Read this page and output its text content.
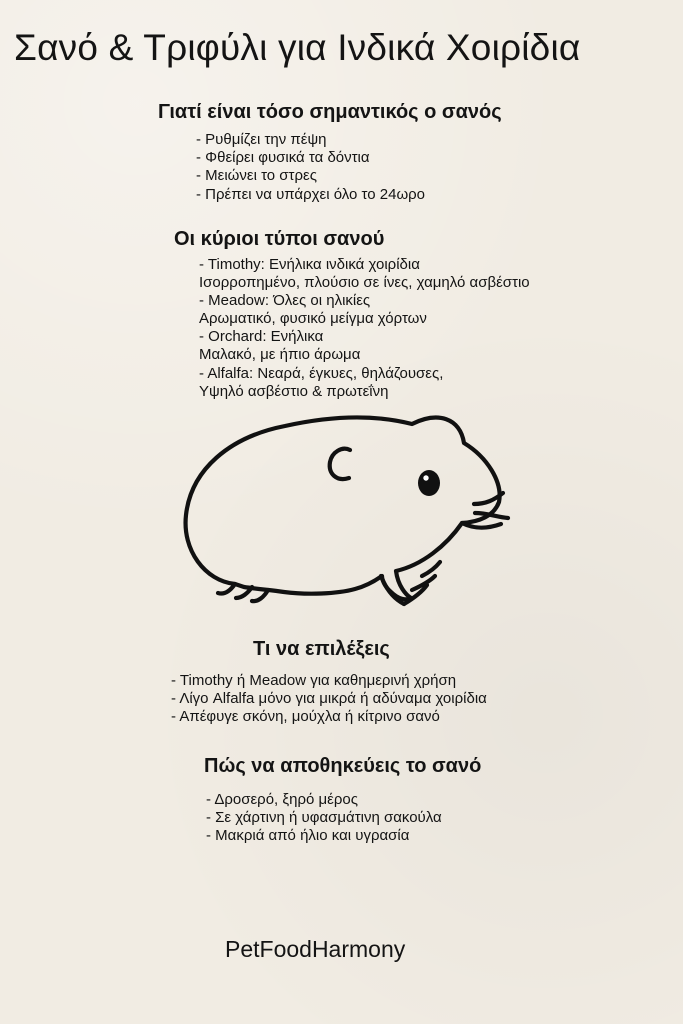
Σανό & Τριφύλι για Ινδικά Χοιρίδια
Γιατί είναι τόσο σημαντικός ο σανός
- Ρυθμίζει την πέψη
- Φθείρει φυσικά τα δόντια
- Μειώνει το στρες
- Πρέπει να υπάρχει όλο το 24ωρο
Οι κύριοι τύποι σανού
- Timothy: Ενήλικα ινδικά χοιρίδια
Ισορροπημένο, πλούσιο σε ίνες, χαμηλό ασβέστιο
- Meadow: Όλες οι ηλικίες
Αρωματικό, φυσικό μείγμα χόρτων
- Orchard: Ενήλικα
Μαλακό, με ήπιο άρωμα
- Alfalfa: Νεαρά, έγκυες, θηλάζουσες,
Υψηλό ασβέστιο & πρωτεΐνη
Τι να επιλέξεις
- Timothy ή Meadow για καθημερινή χρήση
- Λίγο Alfalfa μόνο για μικρά ή αδύναμα χοιρίδια
- Απέφυγε σκόνη, μούχλα ή κίτρινο σανό
Πώς να αποθηκεύεις το σανό
- Δροσερό, ξηρό μέρος
- Σε χάρτινη ή υφασμάτινη σακούλα
- Μακριά από ήλιο και υγρασία
PetFoodHarmony
